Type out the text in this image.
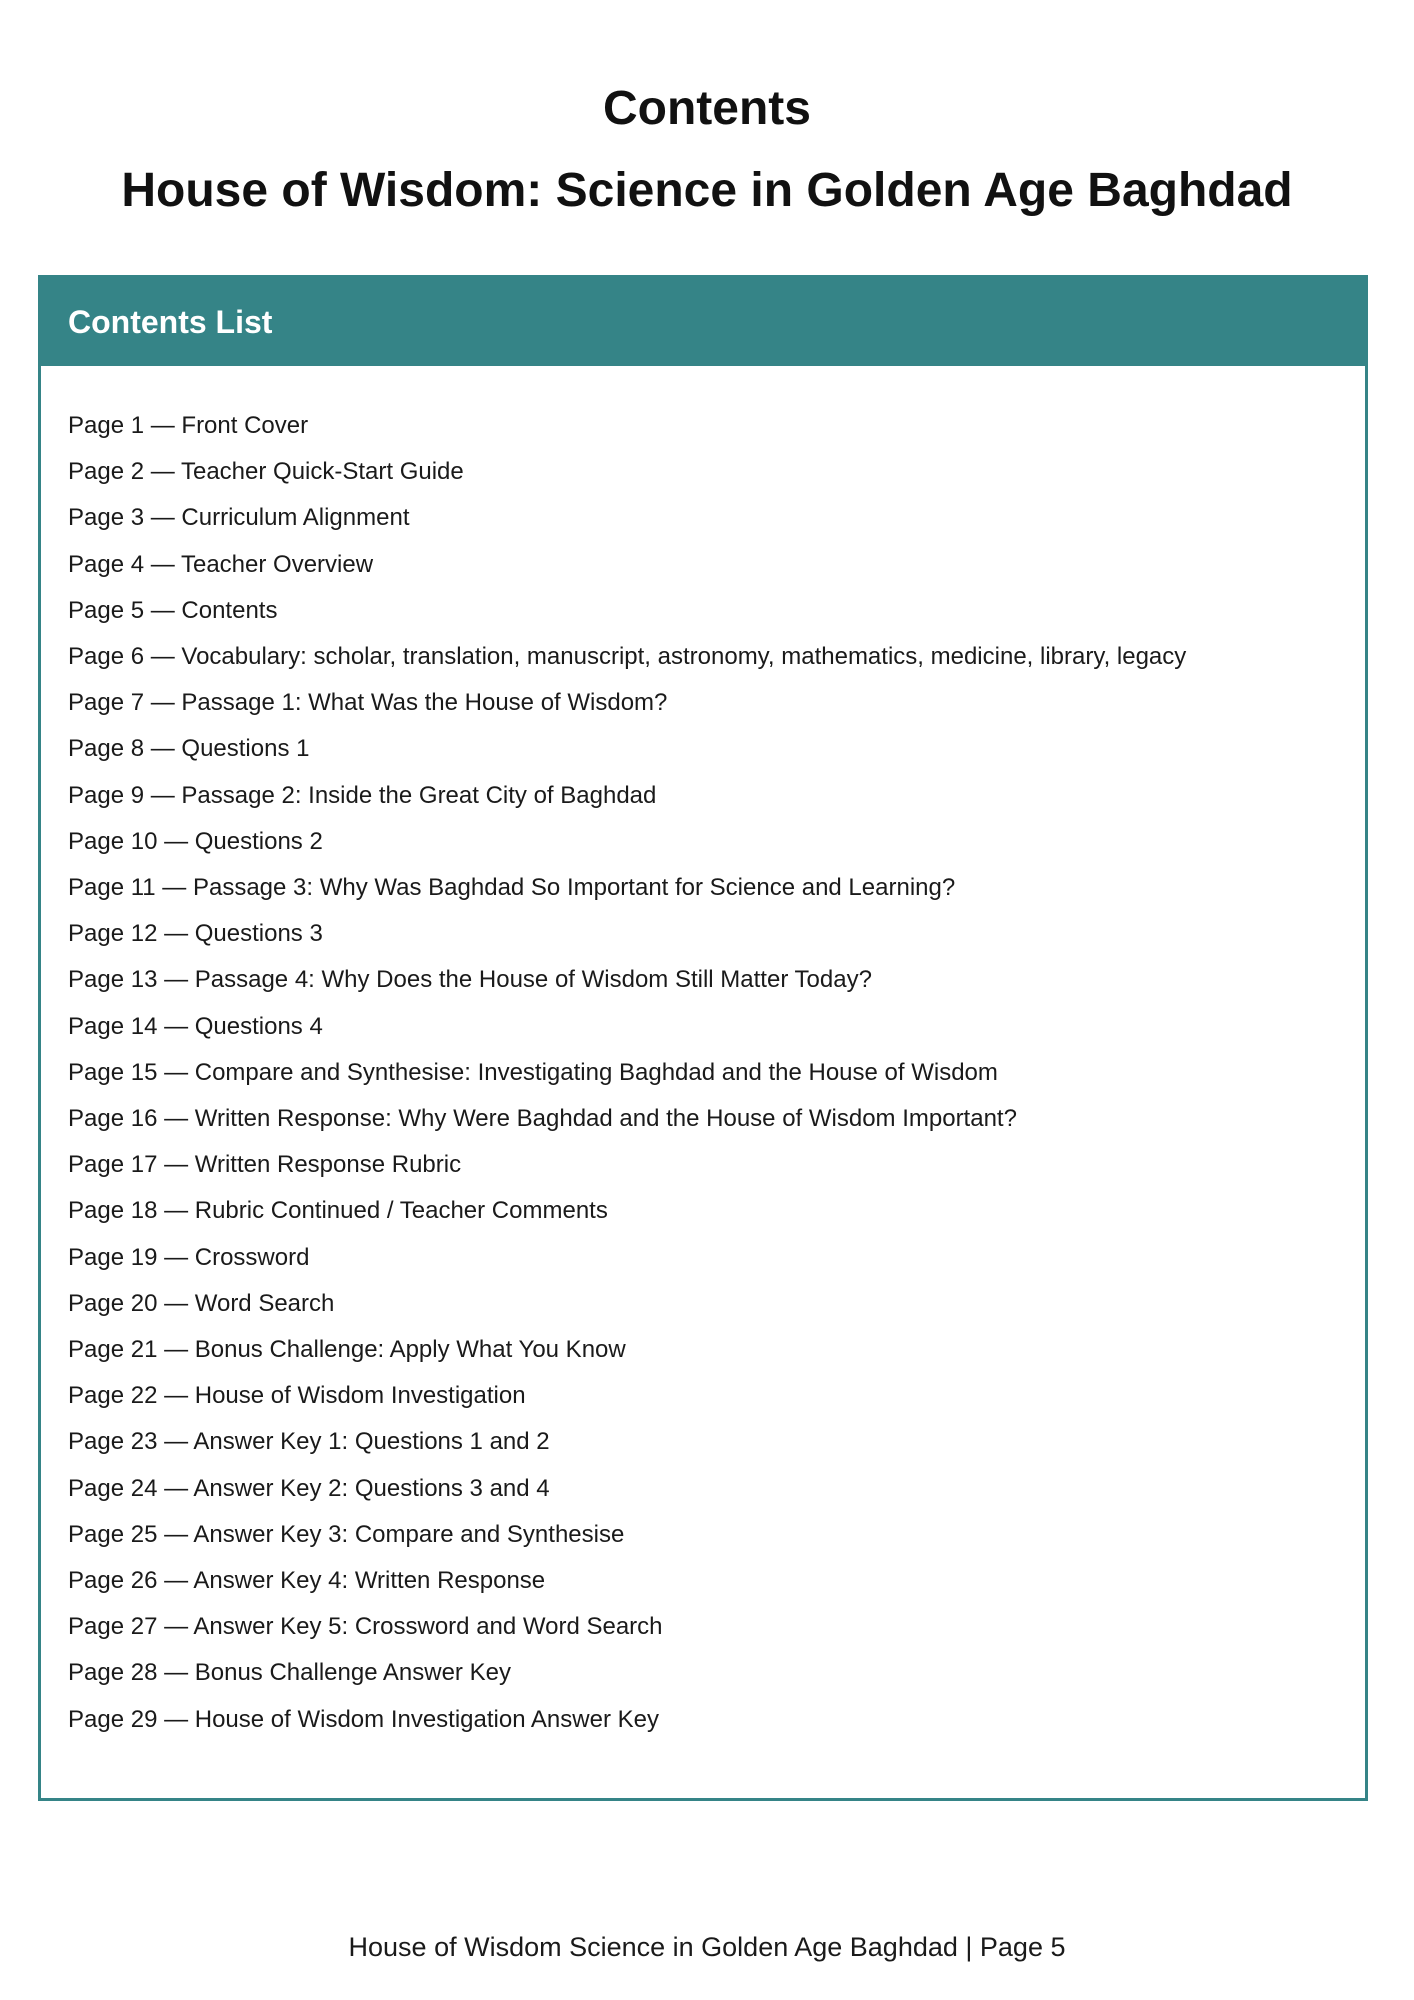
Contents
House of Wisdom: Science in Golden Age Baghdad
Contents List
Page 1 — Front Cover
Page 2 — Teacher Quick-Start Guide
Page 3 — Curriculum Alignment
Page 4 — Teacher Overview
Page 5 — Contents
Page 6 — Vocabulary: scholar, translation, manuscript, astronomy, mathematics, medicine, library, legacy
Page 7 — Passage 1: What Was the House of Wisdom?
Page 8 — Questions 1
Page 9 — Passage 2: Inside the Great City of Baghdad
Page 10 — Questions 2
Page 11 — Passage 3: Why Was Baghdad So Important for Science and Learning?
Page 12 — Questions 3
Page 13 — Passage 4: Why Does the House of Wisdom Still Matter Today?
Page 14 — Questions 4
Page 15 — Compare and Synthesise: Investigating Baghdad and the House of Wisdom
Page 16 — Written Response: Why Were Baghdad and the House of Wisdom Important?
Page 17 — Written Response Rubric
Page 18 — Rubric Continued / Teacher Comments
Page 19 — Crossword
Page 20 — Word Search
Page 21 — Bonus Challenge: Apply What You Know
Page 22 — House of Wisdom Investigation
Page 23 — Answer Key 1: Questions 1 and 2
Page 24 — Answer Key 2: Questions 3 and 4
Page 25 — Answer Key 3: Compare and Synthesise
Page 26 — Answer Key 4: Written Response
Page 27 — Answer Key 5: Crossword and Word Search
Page 28 — Bonus Challenge Answer Key
Page 29 — House of Wisdom Investigation Answer Key
House of Wisdom Science in Golden Age Baghdad | Page 5
